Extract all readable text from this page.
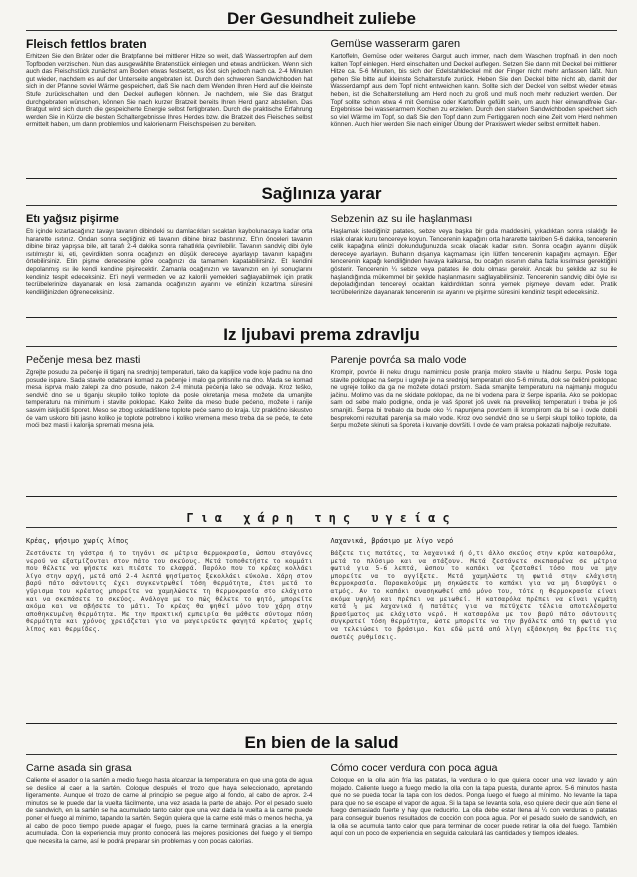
Der Gesundheit zuliebe
Fleisch fettlos braten

Erhitzen Sie den Bräter oder die Bratpfanne bei mittlerer Hitze so weit, daß Wassertropfen auf dem Topfboden verzischen. Nun das ausgewählte Bratenstück einlegen und etwas andrücken. Wenn sich auch das Fleischstück zunächst am Boden etwas festsetzt, es löst sich jedoch nach ca. 2-4 Minuten gut wieder, nachdem es auf der Unterseite angebraten ist. Durch den schweren Sandwichboden hat sich in der Pfanne soviel Wärme gespeichert, daß Sie nach dem Wenden Ihren Herd auf die kleinste Stufe zurückschalten und den Deckel auflegen können. Je nachdem, wie Sie das Bratgut durchgebraten wünschen, können Sie nach kurzer Bratzeit bereits Ihren Herd ganz abstellen. Das Bratgut wird sich durch die gespeicherte Energie selbst fertigbraten. Durch die praktische Erfahrung werden Sie in Kürze die besten Schaltergebnisse Ihres Herdes bzw. die Bratzeit des Fleisches selbst ermittelt haben, um dann problemlos und kalorienarm Fleischspeisen zu bereiten.

Gemüse wasserarm garen

Kartoffeln, Gemüse oder weiteres Gargut auch immer, nach dem Waschen tropfnaß in den noch kalten Topf einlegen. Herd einschalten und Deckel auflegen. Setzen Sie dann mit Deckel bei mittlerer Hitze ca. 5-6 Minuten, bis sich der Edelstahldeckel mit der Finger nicht mehr anfassen läßt. Nun gehen Sie bitte auf kleinste Schalterstufe zurück. Heben Sie den Deckel bitte nicht ab, damit der Wasserdampf aus dem Topf nicht entweichen kann. Sollte sich der Deckel von selbst wieder etwas heben, ist die Schalterstellung am Herd noch zu groß und muß noch mehr reduziert werden. Der Topf sollte schon etwa 4 mit Gemüse oder Kartoffeln gefüllt sein, um auch hier einwandfreie Gar-Ergebnisse bei wasserarmem Kochen zu erzielen. Durch den starken Sandwichboden speichert sich so viel Wärme im Topf, so daß Sie den Topf dann zum Fertiggaren noch eine Zeit vom Herd nehmen können. Auch hier werden Sie nach einiger Übung der Praxiswert wieder selbst ermittelt haben.

Sağlınıza yarar
Etı yağsız pişirme

Etı içinde kızartacağınız tavayı tavanın dibindeki su damlacıkları sıcaktan kaybolunacaya kadar orta hararette ısıtınız. Ondan sonra seçtiğiniz eti tavanın dibine biraz bastırınız. Et'ın önceleri tavanın dibine biraz yapışsa bile, alt tarafı 2-4 dakika sonra rahatlıkla çevrilebilir. Tavanın sandviç dibi öyle ısıtılmıştır ki, eti, çevirdikten sonra ocağınızı en düşük dereceye ayarlayıp tavanın kapağını örtebilirsiniz. Etin pişme derecesine göre ocağınızı da tamamen kapatabilirsiniz. Et kendini depolanmış ısı ile kendi kendine pişirecektir. Zamanla ocağınızın ve tavanızın en iyi sonuçlarını kendiniz tespit edeceksiniz. Et'i neyli vermeden ve az kalorili yemekleri sağlayabilmek için pratik tecrübelerinize dayanarak en kısa zamanda ocağınızın ayarını ve etinizin kızartma süresini kendiliğinizden öğreneceksiniz.

Sebzenin az su ile haşlanması

Haşlamak istediğiniz patates, sebze veya başka bir gıda maddesini, yıkadıktan sonra ıslaklığı ile ıslak olarak kuru tencereye koyun. Tencerenin kapağını orta hararette takriben 5-6 dakika, tencerenin celik kapağına elinizi dokunduğunuzda sıcak olacak kadar ısıtın. Sonra ocağın ayarını düşük dereceye ayarlayın. Buharın dışarıya kaçmaması için lütfen tencerenin kapağını açmayın. Eğer tencerenin kapağı kendiliğinden havaya kalkarsa, bu ocağın ısısının daha fazla kısılması gerektiğini gösterir. Tencerenin ¼ sebze veya patates ile dolu olması gerekir. Ancak bu şekilde az su ile haşlandığında mükemmel bir şekilde haşlanmasını sağlayabilirsiniz. Tencerenin sandviç dibi öyle ısı depoladığından tencereyi ocaktan kaldırdıktan sonra yemek pişmeye devam eder. Pratik tecrübelerinize dayanarak tencerenin ısı ayarını ve pişirme süresini kendiniz tespit edeceksiniz.

Iz ljubavi prema zdravlju
Pečenje mesa bez masti

Zgrejte posudu za pečenje ili tiganj na srednjoj temperaturi, tako da kapljice vode koje padnu na dno posude ispare. Sada stavite odabrani komad za pečenje i malo ga pritisnite na dno. Mada se komad mesa isprva malo zalepi za dno posude, nakon 2-4 minuta pećenja lako se odvaja. Kroz teško, sendvič dno se u tiganju skupilo toliko toplote da posle okretanja mesa možete da umanjite temperaturu na minimum i stavite poklopac. Kako želite da meso bude pećeno, možete i ranije sasvim isključiti šporet. Meso se zbog uskladištene toplote peće samo do kraja. Uz praktično iskustvo će vam uskoro biti jasno koliko je toplote potrebno i koliko vremena meso treba da se peće, te ćete moći bez masti i kalorija spremati mesna jela.

Parenje povrća sa malo vode

Krompir, povrće ili neku drugu namirnicu posle pranja mokro stavite u hladnu šerpu. Posle toga stavite poklopac na šerpu i ugrejte je na srednjoj temperaturi oko 5-6 minuta, dok se čelični poklopac ne ugreje toliko da ga ne možete dotaći prstom. Sada smanjite temperaturu na najmanju moguću jačinu. Molimo vas da ne skidate poklopac, da ne bi vodena para iz šerpe isparila. Ako se poklopac sam od sebe malo podigne, onda je vaš šporet još uvek na prevelikoj temperaturi i treba je još smanjiti. Šerpa bi trebalo da bude oko ¼ napunjena povrćem ili krompirom da bi se i ovde dobili besprekorni rezultati parenja sa malo vode. Kroz ovo sendvič dno se u šerpi skupi toliko toplote, da šerpu možete skinuti sa šporeta i kuvanje dovršiti. I ovde će vam praksa pokazati najbolje rezultate.

Για χάρη της υγείας
Κρέας, ψήσιμο χωρίς λίπος

Ζεστάνετε τη γάστρα ή το τηγάνι σε μέτρια θερμοκρασία, ώσπου σταγόνες νερού να εξατμίζονται στον πάτο του σκεύους. Μετά τοποθετήστε το κομμάτι που θέλετε να ψήσετε και πιέστε το ελαφρά. Παρόλο που το κρέας κολλάει λίγο στην αρχή, μετά από 2-4 λεπτά ψησίματος ξεκολλάει εύκολα. Χάρη στον βαρύ πάτο σάντουιτς έχει συγκεντρωθεί τόση θερμότητα, έτσι μετά το γύρισμα του κρέατος μπορείτε να χαμηλώσετε τη θερμοκρασία στο ελάχιστο και να σκεπάσετε το σκεύος. Ανάλογα με το πώς θέλετε το ψητό, μπορείτε ακόμα και να σβήσετε το μάτι. Το κρέας θα ψηθεί μόνο του χάρη στην αποθηκευμένη θερμότητα. Με την πρακτική εμπειρία θα μάθετε σύντομα πόση θερμότητα και χρόνος χρειάζεται για να μαγειρεύετε φαγητά κρέατος χωρίς λίπος και θερμίδες.

Λαχανικά, βράσιμο με λίγο νερό

Βάζετε τις πατάτες, τα λαχανικά ή ό,τι άλλο σκεύος στην κρύα κατσαρόλα, μετά το πλύσιμο και να στάζουν. Μετά ζεστάνετε σκεπασμένα σε μέτρια φωτιά για 5-6 λεπτά, ώσπου το καπάκι να ζεσταθεί τόσο που να μην μπορείτε να το αγγίξετε. Μετά χαμηλώστε τη φωτιά στην ελάχιστη θερμοκρασία. Παρακαλούμε μη σηκώσετε το καπάκι για να μη διαφύγει ο ατμός. Αν το καπάκι ανασηκωθεί από μόνο του, τότε η θερμοκρασία είναι ακόμα υψηλή και πρέπει να μειωθεί. Η κατσαρόλα πρέπει να είναι γεμάτη κατά ¼ με λαχανικά ή πατάτες για να πετύχετε τέλεια αποτελέσματα βρασίματος με ελάχιστο νερό. Η κατσαρόλα με τον βαρύ πάτο σάντουιτς συγκρατεί τόση θερμότητα, ώστε μπορείτε να την βγάλετε από τη φωτιά για να τελειώσει το βράσιμο. Και εδώ μετά από λίγη εξάσκηση θα βρείτε τις σωστές ρυθμίσεις.

En bien de la salud
Carne asada sin grasa

Caliente el asador o la sartén a medio fuego hasta alcanzar la temperatura en que una gota de agua se deslice al caer a la sartén. Coloque después el trozo que haya seleccionado, apretando ligeramente. Aunque el trozo de carne al principio se pegue algo al fondo, al cabo de aprox. 2-4 minutos se le puede dar la vuelta fácilmente, una vez asada la parte de abajo. Por el pesado suelo de sandwich, en la sartén se ha acumulado tanto calor que una vez dada la vuelta a la carne puede poner el fuego al mínimo, tapando la sartén. Según quiera que la carne esté más o menos hecha, ya al cabo de poco tiempo puede apagar el fuego, pues la carne terminará gracias a la energía acumulada. Con la experiencia muy pronto conocerá las mejores posiciones del fuego y el tiempo que necesita la carne, así le podrá preparar sin problemas y con pocas calorías.

Cómo cocer verdura con poca agua

Coloque en la olla aún fría las patatas, la verdura o lo que quiera cocer una vez lavado y aún mojado. Caliente luego a fuego medio la olla con la tapa puesta, durante aprox. 5-6 minutos hasta que no se pueda tocar la tapa con los dedos. Ponga luego el fuego al mínimo. No levante la tapa para que no se escape el vapor de agua. Si la tapa se levanta sola, eso quiere decir que aún tiene el fuego demasiado fuerte y hay que reducirlo. La olla debe estar llena al ¼ con verduras o patatas para conseguir buenos resultados de cocción con poca agua. Por el pesado suelo de sandwich, en la olla se acumula tanto calor que para terminar de cocer puede retirar la olla del fuego. También aquí con un poco de experiencia en seguida calculará las cantidades y tiempos ideales.
